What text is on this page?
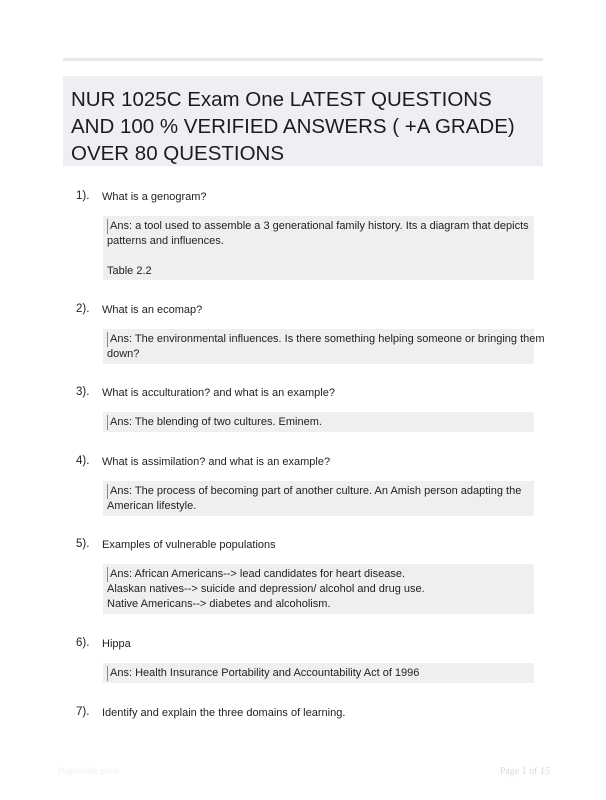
NUR 1025C Exam One LATEST QUESTIONS AND 100 % VERIFIED ANSWERS ( +A GRADE) OVER 80 QUESTIONS
1). What is a genogram?
Ans: a tool used to assemble a 3 generational family history. Its a diagram that depicts
patterns and influences.
Table 2.2
2). What is an ecomap?
Ans: The environmental influences. Is there something helping someone or bringing them
down?
3). What is acculturation? and what is an example?
Ans: The blending of two cultures. Eminem.
4). What is assimilation? and what is an example?
Ans: The process of becoming part of another culture. An Amish person adapting the
American lifestyle.
5). Examples of vulnerable populations
Ans: African Americans--> lead candidates for heart disease.
Alaskan natives--> suicide and depression/ alcohol and drug use.
Native Americans--> diabetes and alcoholism.
6). Hippa
Ans: Health Insurance Portability and Accountability Act of 1996
7). Identify and explain the three domains of learning.
Papertific.com	Page 1 of 15
